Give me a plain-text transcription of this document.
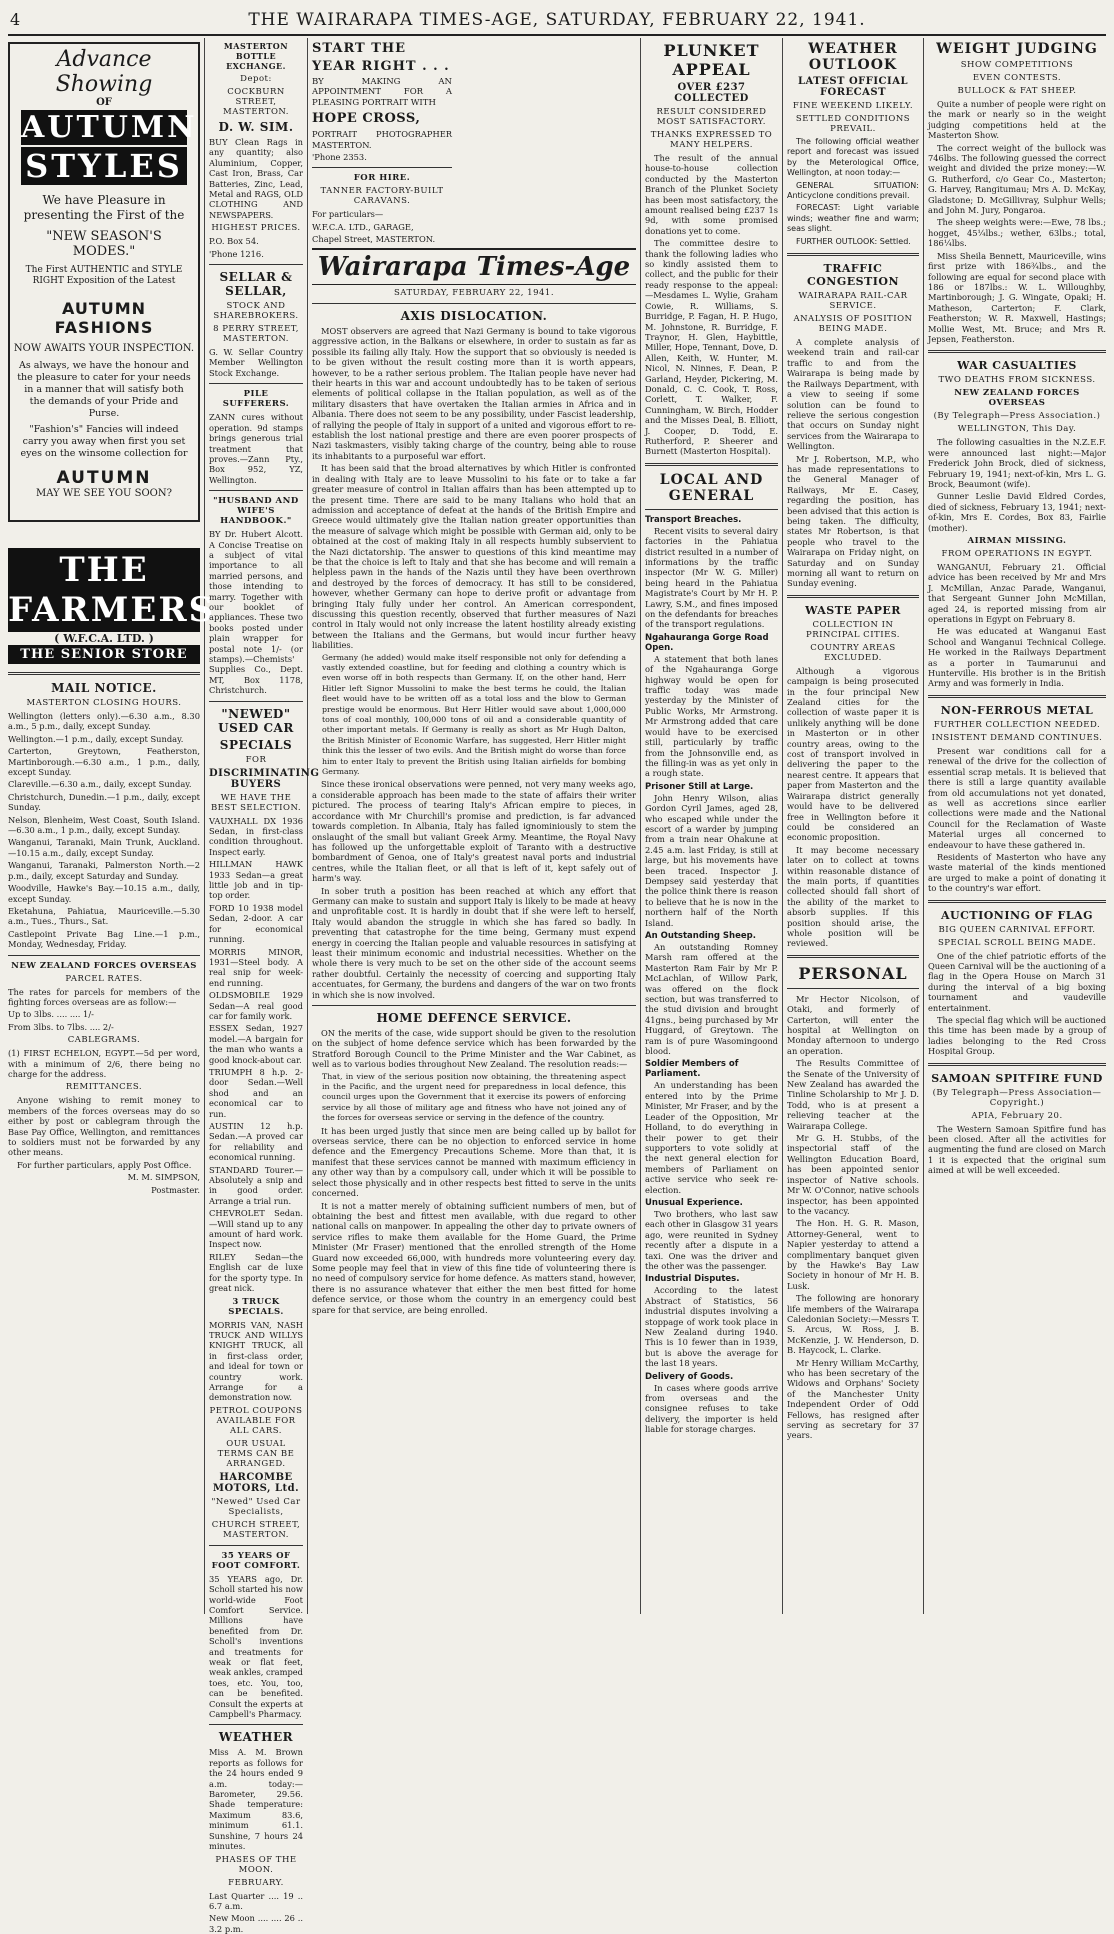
4	THE WAIRARAPA TIMES-AGE, SATURDAY, FEBRUARY 22, 1941.
Advance Showing
OF
AUTUMN
STYLES
We have Pleasure in presenting the First of the
"NEW SEASON'S MODES."
The First AUTHENTIC and STYLE RIGHT Exposition of the Latest
AUTUMN
FASHIONS
NOW AWAITS YOUR INSPECTION.
As always, we have the honour and the pleasure to cater for your needs in a manner that will satisfy both the demands of your Pride and Purse.
"Fashion's" Fancies will indeed carry you away when first you set eyes on the winsome collection for
AUTUMN
MAY WE SEE YOU SOON?
THE FARMERS
( W.F.C.A. LTD. )
THE SENIOR STORE
MAIL NOTICE.
MASTERTON CLOSING HOURS.

Wellington (letters only).—6.30 a.m., 8.30 a.m., 5 p.m., daily, except Sunday.

Wellington.—1 p.m., daily, except Sunday.

Carterton, Greytown, Featherston, Martinborough.—6.30 a.m., 1 p.m., daily, except Sunday.

Clareville.—6.30 a.m., daily, except Sunday.

Christchurch, Dunedin.—1 p.m., daily, except Sunday.

Nelson, Blenheim, West Coast, South Island.—6.30 a.m., 1 p.m., daily, except Sunday.

Wanganui, Taranaki, Main Trunk, Auckland.—10.15 a.m., daily, except Sunday.

Wanganui, Taranaki, Palmerston North.—2 p.m., daily, except Saturday and Sunday.

Woodville, Hawke's Bay.—10.15 a.m., daily, except Sunday.

Eketahuna, Pahiatua, Mauriceville.—5.30 a.m., Tues., Thurs., Sat.

Castlepoint Private Bag Line.—1 p.m., Monday, Wednesday, Friday.

NEW ZEALAND FORCES OVERSEAS
PARCEL RATES.

The rates for parcels for members of the fighting forces overseas are as follow:—

Up to 3lbs. .... .... 1/-

From 3lbs. to 7lbs. .... 2/-

CABLEGRAMS.

(1) FIRST ECHELON, EGYPT.—5d per word, with a minimum of 2/6, there being no charge for the address.

REMITTANCES.

Anyone wishing to remit money to members of the forces overseas may do so either by post or cablegram through the Base Pay Office, Wellington, and remittances to soldiers must not be forwarded by any other means.

For further particulars, apply Post Office.

M. M. SIMPSON,

Postmaster.

MASTERTON BOTTLE EXCHANGE.
Depot:
COCKBURN STREET, MASTERTON.
D. W. SIM.

BUY Clean Rags in any quantity; also Aluminium, Copper, Cast Iron, Brass, Car Batteries, Zinc, Lead, Metal and RAGS, OLD CLOTHING AND NEWSPAPERS.

HIGHEST PRICES.

P.O. Box 54.

'Phone 1216.

SELLAR & SELLAR,
STOCK AND SHAREBROKERS.
8 PERRY STREET, MASTERTON.

G. W. Sellar Country Member Wellington Stock Exchange.

PILE SUFFERERS.

ZANN cures without operation. 9d stamps brings generous trial treatment that proves.—Zann Pty., Box 952, YZ, Wellington.

"HUSBAND AND WIFE'S HANDBOOK."

BY Dr. Hubert Alcott. A Concise Treatise on a subject of vital importance to all married persons, and those intending to marry. Together with our booklet of appliances. These two books posted under plain wrapper for postal note 1/- (or stamps).—Chemists' Supplies Co., Dept. MT, Box 1178, Christchurch.

"NEWED" USED CAR
SPECIALS
FOR
DISCRIMINATING BUYERS
WE HAVE THE BEST SELECTION.

VAUXHALL DX 1936 Sedan, in first-class condition throughout. Inspect early.

HILLMAN HAWK 1933 Sedan—a great little job and in tip-top order.

FORD 10 1938 model Sedan, 2-door. A car for economical running.

MORRIS MINOR, 1931—Steel body. A real snip for week-end running.

OLDSMOBILE 1929 Sedan—A real good car for family work.

ESSEX Sedan, 1927 model.—A bargain for the man who wants a good knock-about car.

TRIUMPH 8 h.p. 2-door Sedan.—Well shod and an economical car to run.

AUSTIN 12 h.p. Sedan.—A proved car for reliability and economical running.

STANDARD Tourer.—Absolutely a snip and in good order. Arrange a trial run.

CHEVROLET Sedan.—Will stand up to any amount of hard work. Inspect now.

RILEY Sedan—the English car de luxe for the sporty type. In great nick.

3 TRUCK SPECIALS.

MORRIS VAN, NASH TRUCK AND WILLYS KNIGHT TRUCK, all in first-class order, and ideal for town or country work. Arrange for a demonstration now.

PETROL COUPONS AVAILABLE FOR ALL CARS.
OUR USUAL TERMS CAN BE ARRANGED.
HARCOMBE MOTORS, Ltd.
"Newed" Used Car Specialists,
CHURCH STREET, MASTERTON.
35 YEARS OF FOOT COMFORT.

35 YEARS ago, Dr. Scholl started his now world-wide Foot Comfort Service. Millions have benefited from Dr. Scholl's inventions and treatments for weak or flat feet, weak ankles, cramped toes, etc. You, too, can be benefited. Consult the experts at Campbell's Pharmacy.

WEATHER

Miss A. M. Brown reports as follows for the 24 hours ended 9 a.m. today:—Barometer, 29.56. Shade temperature: Maximum 83.6, minimum 61.1. Sunshine, 7 hours 24 minutes.

PHASES OF THE MOON.
FEBRUARY.

Last Quarter .... 19 .. 6.7 a.m.

New Moon .... .... 26 .. 3.2 p.m.

START THE
YEAR RIGHT . . .

BY MAKING AN APPOINTMENT FOR A PLEASING PORTRAIT WITH

HOPE CROSS,

PORTRAIT PHOTOGRAPHER MASTERTON.

'Phone 2353.

FOR HIRE.
TANNER FACTORY-BUILT CARAVANS.

For particulars—

W.F.C.A. LTD., GARAGE,

Chapel Street, MASTERTON.

Wairarapa Times-Age
SATURDAY, FEBRUARY 22, 1941.
AXIS DISLOCATION.

MOST observers are agreed that Nazi Germany is bound to take vigorous aggressive action, in the Balkans or elsewhere, in order to sustain as far as possible its failing ally Italy. How the support that so obviously is needed is to be given without the result costing more than it is worth appears, however, to be a rather serious problem. The Italian people have never had their hearts in this war and account undoubtedly has to be taken of serious elements of political collapse in the Italian population, as well as of the military disasters that have overtaken the Italian armies in Africa and in Albania. There does not seem to be any possibility, under Fascist leadership, of rallying the people of Italy in support of a united and vigorous effort to re-establish the lost national prestige and there are even poorer prospects of Nazi taskmasters, visibly taking charge of the country, being able to rouse its inhabitants to a purposeful war effort.

It has been said that the broad alternatives by which Hitler is confronted in dealing with Italy are to leave Mussolini to his fate or to take a far greater measure of control in Italian affairs than has been attempted up to the present time. There are said to be many Italians who hold that an admission and acceptance of defeat at the hands of the British Empire and Greece would ultimately give the Italian nation greater opportunities than the measure of salvage which might be possible with German aid, only to be obtained at the cost of making Italy in all respects humbly subservient to the Nazi dictatorship. The answer to questions of this kind meantime may be that the choice is left to Italy and that she has become and will remain a helpless pawn in the hands of the Nazis until they have been overthrown and destroyed by the forces of democracy. It has still to be considered, however, whether Germany can hope to derive profit or advantage from bringing Italy fully under her control. An American correspondent, discussing this question recently, observed that further measures of Nazi control in Italy would not only increase the latent hostility already existing between the Italians and the Germans, but would incur further heavy liabilities.

Germany (he added) would make itself responsible not only for defending a vastly extended coastline, but for feeding and clothing a country which is even worse off in both respects than Germany. If, on the other hand, Herr Hitler left Signor Mussolini to make the best terms he could, the Italian fleet would have to be written off as a total loss and the blow to German prestige would be enormous. But Herr Hitler would save about 1,000,000 tons of coal monthly, 100,000 tons of oil and a considerable quantity of other important metals. If Germany is really as short as Mr Hugh Dalton, the British Minister of Economic Warfare, has suggested, Herr Hitler might think this the lesser of two evils. And the British might do worse than force him to enter Italy to prevent the British using Italian airfields for bombing Germany.

Since these ironical observations were penned, not very many weeks ago, a considerable approach has been made to the state of affairs their writer pictured. The process of tearing Italy's African empire to pieces, in accordance with Mr Churchill's promise and prediction, is far advanced towards completion. In Albania, Italy has failed ignominiously to stem the onslaught of the small but valiant Greek Army. Meantime, the Royal Navy has followed up the unforgettable exploit of Taranto with a destructive bombardment of Genoa, one of Italy's greatest naval ports and industrial centres, while the Italian fleet, or all that is left of it, kept safely out of harm's way.

In sober truth a position has been reached at which any effort that Germany can make to sustain and support Italy is likely to be made at heavy and unprofitable cost. It is hardly in doubt that if she were left to herself, Italy would abandon the struggle in which she has fared so badly. In preventing that catastrophe for the time being, Germany must expend energy in coercing the Italian people and valuable resources in satisfying at least their minimum economic and industrial necessities. Whether on the whole there is very much to be set on the other side of the account seems rather doubtful. Certainly the necessity of coercing and supporting Italy accentuates, for Germany, the burdens and dangers of the war on two fronts in which she is now involved.

HOME DEFENCE SERVICE.

ON the merits of the case, wide support should be given to the resolution on the subject of home defence service which has been forwarded by the Stratford Borough Council to the Prime Minister and the War Cabinet, as well as to various bodies throughout New Zealand. The resolution reads:—

That, in view of the serious position now obtaining, the threatening aspect in the Pacific, and the urgent need for preparedness in local defence, this council urges upon the Government that it exercise its powers of enforcing service by all those of military age and fitness who have not joined any of the forces for overseas service or serving in the defence of the country.

It has been urged justly that since men are being called up by ballot for overseas service, there can be no objection to enforced service in home defence and the Emergency Precautions Scheme. More than that, it is manifest that these services cannot be manned with maximum efficiency in any other way than by a compulsory call, under which it will be possible to select those physically and in other respects best fitted to serve in the units concerned.

It is not a matter merely of obtaining sufficient numbers of men, but of obtaining the best and fittest men available, with due regard to other national calls on manpower. In appealing the other day to private owners of service rifles to make them available for the Home Guard, the Prime Minister (Mr Fraser) mentioned that the enrolled strength of the Home Guard now exceeded 66,000, with hundreds more volunteering every day. Some people may feel that in view of this fine tide of volunteering there is no need of compulsory service for home defence. As matters stand, however, there is no assurance whatever that either the men best fitted for home defence service, or those whom the country in an emergency could best spare for that service, are being enrolled.

PLUNKET APPEAL
OVER £237 COLLECTED
RESULT CONSIDERED MOST SATISFACTORY.
THANKS EXPRESSED TO MANY HELPERS.

The result of the annual house-to-house collection conducted by the Masterton Branch of the Plunket Society has been most satisfactory, the amount realised being £237 1s 9d, with some promised donations yet to come.

The committee desire to thank the following ladies who so kindly assisted them to collect, and the public for their ready response to the appeal:—Mesdames L. Wylie, Graham Cowie, R. Williams, S. Burridge, P. Fagan, H. P. Hugo, M. Johnstone, R. Burridge, F. Traynor, H. Glen, Haybittle, Miller, Hope, Tennant, Dove, D. Allen, Keith, W. Hunter, M. Nicol, N. Ninnes, F. Dean, P. Garland, Heyder, Pickering, M. Donald, C. C. Cook, T. Ross, Corlett, T. Walker, F. Cunningham, W. Birch, Hodder and the Misses Deal, B. Elliott, J. Cooper, D. Todd, E. Rutherford, P. Sheerer and Burnett (Masterton Hospital).

LOCAL AND GENERAL
Transport Breaches.

Recent visits to several dairy factories in the Pahiatua district resulted in a number of informations by the traffic inspector (Mr W. G. Miller) being heard in the Pahiatua Magistrate's Court by Mr H. P. Lawry, S.M., and fines imposed on the defendants for breaches of the transport regulations.

Ngahauranga Gorge Road Open.

A statement that both lanes of the Ngahauranga Gorge highway would be open for traffic today was made yesterday by the Minister of Public Works, Mr Armstrong. Mr Armstrong added that care would have to be exercised still, particularly by traffic from the Johnsonville end, as the filling-in was as yet only in a rough state.

Prisoner Still at Large.

John Henry Wilson, alias Gordon Cyril James, aged 28, who escaped while under the escort of a warder by jumping from a train near Ohakune at 2.45 a.m. last Friday, is still at large, but his movements have been traced. Inspector J. Dempsey said yesterday that the police think there is reason to believe that he is now in the northern half of the North Island.

An Outstanding Sheep.

An outstanding Romney Marsh ram offered at the Masterton Ram Fair by Mr P. McLachlan, of Willow Park, was offered on the flock section, but was transferred to the stud division and brought 41gns., being purchased by Mr Huggard, of Greytown. The ram is of pure Wasomingoond blood.

Soldier Members of Parliament.

An understanding has been entered into by the Prime Minister, Mr Fraser, and by the Leader of the Opposition, Mr Holland, to do everything in their power to get their supporters to vote solidly at the next general election for members of Parliament on active service who seek re-election.

Unusual Experience.

Two brothers, who last saw each other in Glasgow 31 years ago, were reunited in Sydney recently after a dispute in a taxi. One was the driver and the other was the passenger.

Industrial Disputes.

According to the latest Abstract of Statistics, 56 industrial disputes involving a stoppage of work took place in New Zealand during 1940. This is 10 fewer than in 1939, but is above the average for the last 18 years.

Delivery of Goods.

In cases where goods arrive from overseas and the consignee refuses to take delivery, the importer is held liable for storage charges.

WEATHER OUTLOOK
LATEST OFFICIAL FORECAST
FINE WEEKEND LIKELY.
SETTLED CONDITIONS PREVAIL.

The following official weather report and forecast was issued by the Meterological Office, Wellington, at noon today:—

GENERAL SITUATION: Anticyclone conditions prevail.

FORECAST: Light variable winds; weather fine and warm; seas slight.

FURTHER OUTLOOK: Settled.

TRAFFIC CONGESTION
WAIRARAPA RAIL-CAR SERVICE.
ANALYSIS OF POSITION BEING MADE.

A complete analysis of weekend train and rail-car traffic to and from the Wairarapa is being made by the Railways Department, with a view to seeing if some solution can be found to relieve the serious congestion that occurs on Sunday night services from the Wairarapa to Wellington.

Mr J. Robertson, M.P., who has made representations to the General Manager of Railways, Mr E. Casey, regarding the position, has been advised that this action is being taken. The difficulty, states Mr Robertson, is that people who travel to the Wairarapa on Friday night, on Saturday and on Sunday morning all want to return on Sunday evening.

WASTE PAPER
COLLECTION IN PRINCIPAL CITIES.
COUNTRY AREAS EXCLUDED.

Although a vigorous campaign is being prosecuted in the four principal New Zealand cities for the collection of waste paper it is unlikely anything will be done in Masterton or in other country areas, owing to the cost of transport involved in delivering the paper to the nearest centre. It appears that paper from Masterton and the Wairarapa district generally would have to be delivered free in Wellington before it could be considered an economic proposition.

It may become necessary later on to collect at towns within reasonable distance of the main ports, if quantities collected should fall short of the ability of the market to absorb supplies. If this position should arise, the whole position will be reviewed.

PERSONAL

Mr Hector Nicolson, of Otaki, and formerly of Carterton, will enter the hospital at Wellington on Monday afternoon to undergo an operation.

The Results Committee of the Senate of the University of New Zealand has awarded the Tinline Scholarship to Mr J. D. Todd, who is at present a relieving teacher at the Wairarapa College.

Mr G. H. Stubbs, of the inspectorial staff of the Wellington Education Board, has been appointed senior inspector of Native schools. Mr W. O'Connor, native schools inspector, has been appointed to the vacancy.

The Hon. H. G. R. Mason, Attorney-General, went to Napier yesterday to attend a complimentary banquet given by the Hawke's Bay Law Society in honour of Mr H. B. Lusk.

The following are honorary life members of the Wairarapa Caledonian Society:—Messrs T. S. Arcus, W. Ross, J. B. McKenzie, J. W. Henderson, D. B. Haycock, L. Clarke.

Mr Henry William McCarthy, who has been secretary of the Widows and Orphans' Society of the Manchester Unity Independent Order of Odd Fellows, has resigned after serving as secretary for 37 years.

WEIGHT JUDGING
SHOW COMPETITIONS
EVEN CONTESTS.
BULLOCK & FAT SHEEP.

Quite a number of people were right on the mark or nearly so in the weight judging competitions held at the Masterton Show.

The correct weight of the bullock was 746lbs. The following guessed the correct weight and divided the prize money:—W. G. Rutherford, c/o Gear Co., Masterton; G. Harvey, Rangitumau; Mrs A. D. McKay, Gladstone; D. McGillivray, Sulphur Wells; and John M. Jury, Pongaroa.

The sheep weights were:—Ewe, 78 lbs.; hogget, 45¼lbs.; wether, 63lbs.; total, 186¼lbs.

Miss Sheila Bennett, Mauriceville, wins first prize with 186¾lbs., and the following are equal for second place with 186 or 187lbs.: W. L. Willoughby, Martinborough; J. G. Wingate, Opaki; H. Matheson, Carterton; F. Clark, Featherston; W. R. Maxwell, Hastings; Mollie West, Mt. Bruce; and Mrs R. Jepsen, Featherston.

WAR CASUALTIES
TWO DEATHS FROM SICKNESS.
NEW ZEALAND FORCES OVERSEAS
(By Telegraph—Press Association.)
WELLINGTON, This Day.

The following casualties in the N.Z.E.F. were announced last night:—Major Frederick John Brock, died of sickness, February 19, 1941; next-of-kin, Mrs L. G. Brock, Beaumont (wife).

Gunner Leslie David Eldred Cordes, died of sickness, February 13, 1941; next-of-kin, Mrs E. Cordes, Box 83, Fairlie (mother).

AIRMAN MISSING.
FROM OPERATIONS IN EGYPT.

WANGANUI, February 21. Official advice has been received by Mr and Mrs J. McMillan, Anzac Parade, Wanganui, that Sergeant Gunner John McMillan, aged 24, is reported missing from air operations in Egypt on February 8.

He was educated at Wanganui East School and Wanganui Technical College. He worked in the Railways Department as a porter in Taumarunui and Hunterville. His brother is in the British Army and was formerly in India.

NON-FERROUS METAL
FURTHER COLLECTION NEEDED.
INSISTENT DEMAND CONTINUES.

Present war conditions call for a renewal of the drive for the collection of essential scrap metals. It is believed that there is still a large quantity available from old accumulations not yet donated, as well as accretions since earlier collections were made and the National Council for the Reclamation of Waste Material urges all concerned to endeavour to have these gathered in.

Residents of Masterton who have any waste material of the kinds mentioned are urged to make a point of donating it to the country's war effort.

AUCTIONING OF FLAG
BIG QUEEN CARNIVAL EFFORT.
SPECIAL SCROLL BEING MADE.

One of the chief patriotic efforts of the Queen Carnival will be the auctioning of a flag in the Opera House on March 31 during the interval of a big boxing tournament and vaudeville entertainment.

The special flag which will be auctioned this time has been made by a group of ladies belonging to the Red Cross Hospital Group.

SAMOAN SPITFIRE FUND
(By Telegraph—Press Association—Copyright.)
APIA, February 20.

The Western Samoan Spitfire fund has been closed. After all the activities for augmenting the fund are closed on March 1 it is expected that the original sum aimed at will be well exceeded.
